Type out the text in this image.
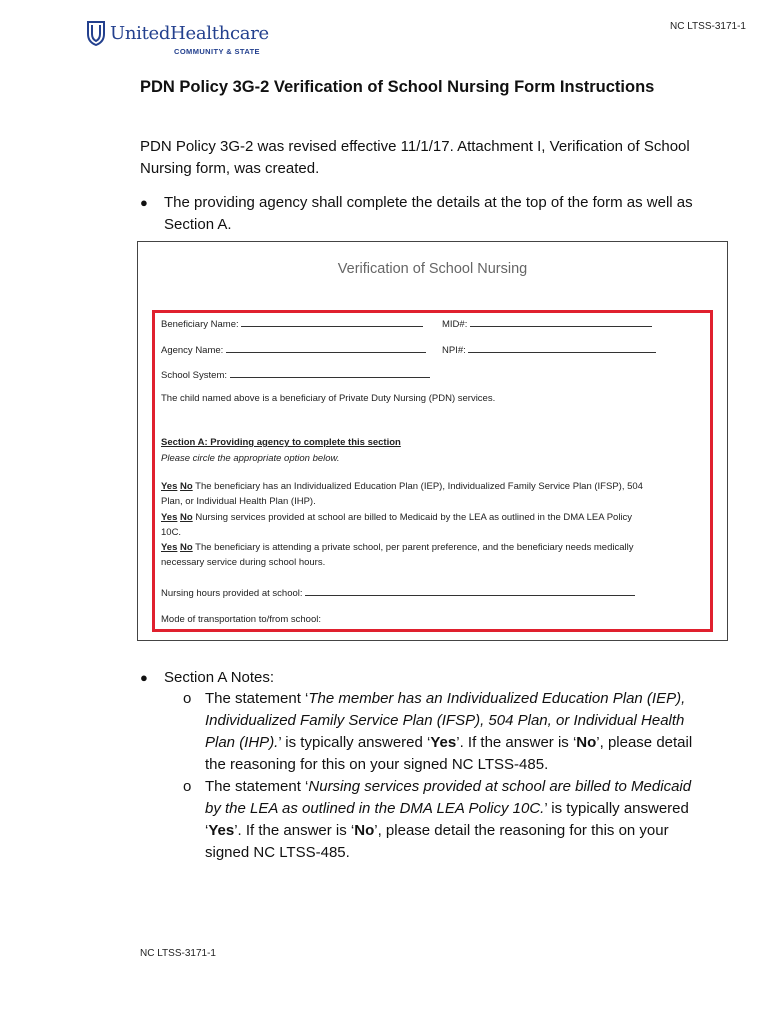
UnitedHealthcare
COMMUNITY & STATE
NC LTSS-3171-1
PDN Policy 3G-2 Verification of School Nursing Form Instructions
PDN Policy 3G-2 was revised effective 11/1/17. Attachment I, Verification of School Nursing form, was created.
● The providing agency shall complete the details at the top of the form as well as Section A.
Verification of School Nursing
Beneficiary Name:	MID#:
Agency Name:	NPI#:
School System:
The child named above is a beneficiary of Private Duty Nursing (PDN) services.
Section A: Providing agency to complete this section
Please circle the appropriate option below.
Yes No The beneficiary has an Individualized Education Plan (IEP), Individualized Family Service Plan (IFSP), 504
Plan, or Individual Health Plan (IHP).
Yes No Nursing services provided at school are billed to Medicaid by the LEA as outlined in the DMA LEA Policy
10C.
Yes No The beneficiary is attending a private school, per parent preference, and the beneficiary needs medically
necessary service during school hours.
Nursing hours provided at school:
Mode of transportation to/from school:
● Section A Notes:
o The statement ‘The member has an Individualized Education Plan (IEP), Individualized Family Service Plan (IFSP), 504 Plan, or Individual Health Plan (IHP).’ is typically answered ‘Yes’. If the answer is ‘No’, please detail the reasoning for this on your signed NC LTSS-485.
o The statement ‘Nursing services provided at school are billed to Medicaid by the LEA as outlined in the DMA LEA Policy 10C.’ is typically answered ‘Yes’. If the answer is ‘No’, please detail the reasoning for this on your signed NC LTSS-485.
NC LTSS-3171-1
